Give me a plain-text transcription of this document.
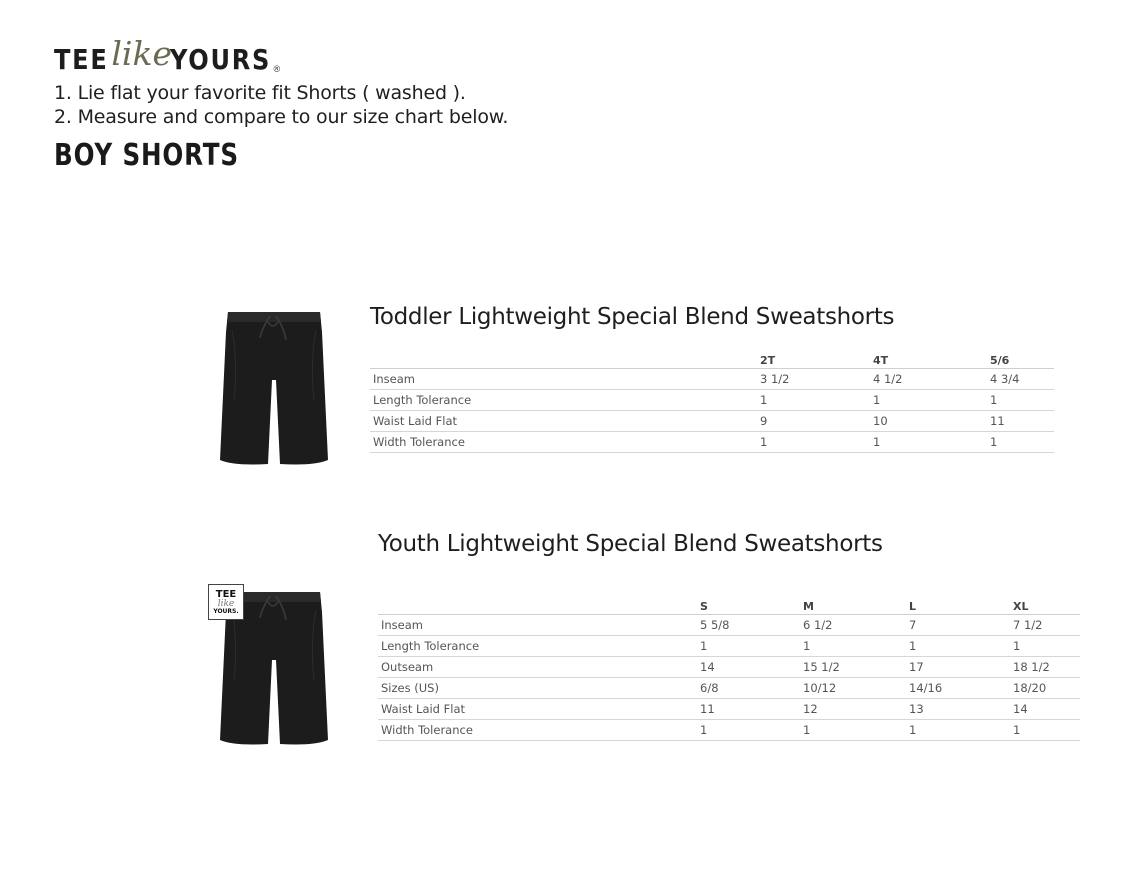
TEE like
YOURS ®
1. Lie flat your favorite fit Shorts ( washed ).
2. Measure and compare to our size chart below.
BOY SHORTS
Toddler Lightweight Special Blend Sweatshorts
	2T	4T	5/6
Inseam	3 1/2	4 1/2	4 3/4
Length Tolerance	1	1	1
Waist Laid Flat	9	10	11
Width Tolerance	1	1	1

TEE
like
YOURS.
Youth Lightweight Special Blend Sweatshorts
	S	M	L	XL
Inseam	5 5/8	6 1/2	7	7 1/2
Length Tolerance	1	1	1	1
Outseam	14	15 1/2	17	18 1/2
Sizes (US)	6/8	10/12	14/16	18/20
Waist Laid Flat	11	12	13	14
Width Tolerance	1	1	1	1
